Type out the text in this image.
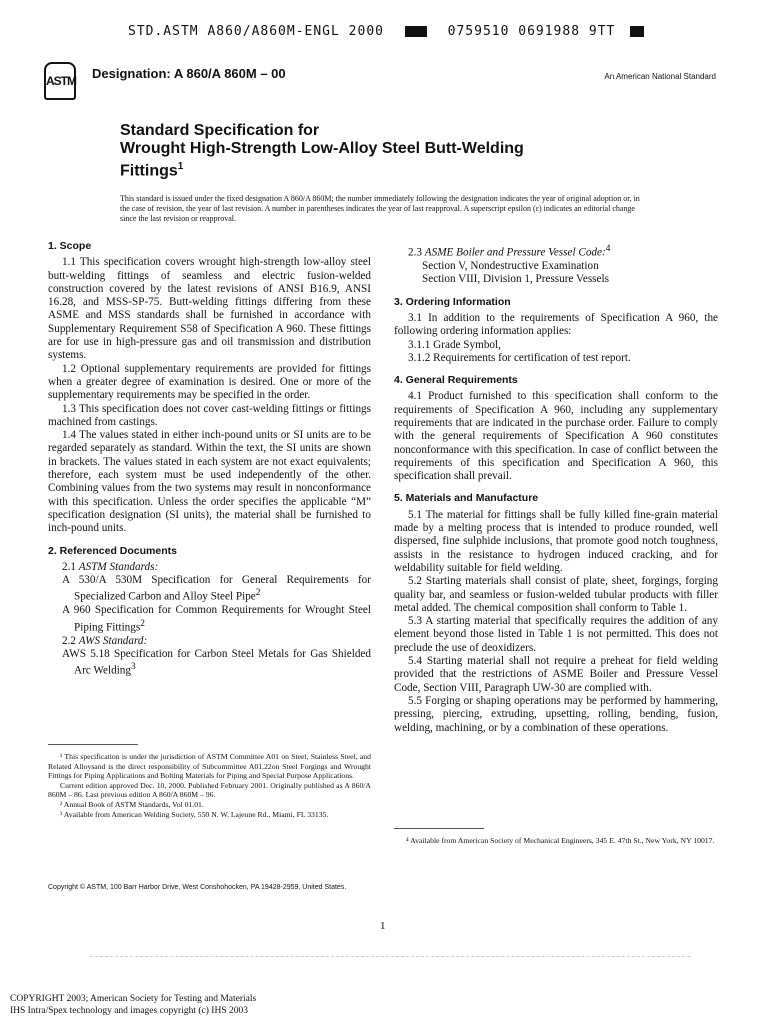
STD.ASTM A860/A860M-ENGL 2000	0759510 0691988 9TT
ASTM Designation: A 860/A 860M – 00	An American National Standard
Standard Specification for
Wrought High-Strength Low-Alloy Steel Butt-Welding
Fittings$^1$
This standard is issued under the fixed designation A 860/A 860M; the number immediately following the designation indicates the year of original adoption or, in the case of revision, the year of last revision. A number in parentheses indicates the year of last reapproval. A superscript epsilon (ε) indicates an editorial change since the last revision or reapproval.

1. Scope

1.1 This specification covers wrought high-strength low-alloy steel butt-welding fittings of seamless and electric fusion-welded construction covered by the latest revisions of ANSI B16.9, ANSI 16.28, and MSS-SP-75. Butt-welding fittings differing from these ASME and MSS standards shall be furnished in accordance with Supplementary Requirement S58 of Specification A 960. These fittings are for use in high-pressure gas and oil transmission and distribution systems.

1.2 Optional supplementary requirements are provided for fittings when a greater degree of examination is desired. One or more of the supplementary requirements may be specified in the order.

1.3 This specification does not cover cast-welding fittings or fittings machined from castings.

1.4 The values stated in either inch-pound units or SI units are to be regarded separately as standard. Within the text, the SI units are shown in brackets. The values stated in each system are not exact equivalents; therefore, each system must be used independently of the other. Combining values from the two systems may result in nonconformance with this specification. Unless the order specifies the applicable “M” specification designation (SI units), the material shall be furnished to inch-pound units.

2. Referenced Documents

2.1 ASTM Standards:

A 530/A 530M Specification for General Requirements for Specialized Carbon and Alloy Steel Pipe$^2$

A 960 Specification for Common Requirements for Wrought Steel Piping Fittings$^2$

2.2 AWS Standard:

AWS 5.18 Specification for Carbon Steel Metals for Gas Shielded Arc Welding$^3$

¹ This specification is under the jurisdiction of ASTM Committee A01 on Steel, Stainless Steel, and Related Alloysand is the direct responsibility of Subcommittee A01.22on Steel Forgings and Wrought Fittings for Piping Applications and Bolting Materials for Piping and Special Purpose Applications.

Current edition approved Dec. 10, 2000. Published February 2001. Originally published as A 860/A 860M – 86. Last previous edition A 860/A 860M – 96.

² Annual Book of ASTM Standards, Vol 01.01.

³ Available from American Welding Society, 550 N. W. Lajeune Rd., Miami, FL 33135.

2.3 ASME Boiler and Pressure Vessel Code:$^4$

Section V, Nondestructive Examination

Section VIII, Division 1, Pressure Vessels

3. Ordering Information

3.1 In addition to the requirements of Specification A 960, the following ordering information applies:

3.1.1 Grade Symbol,

3.1.2 Requirements for certification of test report.

4. General Requirements

4.1 Product furnished to this specification shall conform to the requirements of Specification A 960, including any supplementary requirements that are indicated in the purchase order. Failure to comply with the general requirements of Specification A 960 constitutes nonconformance with this specification. In case of conflict between the requirements of this specification and Specification A 960, this specification shall prevail.

5. Materials and Manufacture

5.1 The material for fittings shall be fully killed fine-grain material made by a melting process that is intended to produce rounded, well dispersed, fine sulphide inclusions, that promote good notch toughness, assists in the resistance to hydrogen induced cracking, and for weldability suitable for field welding.

5.2 Starting materials shall consist of plate, sheet, forgings, forging quality bar, and seamless or fusion-welded tubular products with filler metal added. The chemical composition shall conform to Table 1.

5.3 A starting material that specifically requires the addition of any element beyond those listed in Table 1 is not permitted. This does not preclude the use of deoxidizers.

5.4 Starting material shall not require a preheat for field welding provided that the restrictions of ASME Boiler and Pressure Vessel Code, Section VIII, Paragraph UW-30 are complied with.

5.5 Forging or shaping operations may be performed by hammering, pressing, piercing, extruding, upsetting, rolling, bending, fusion, welding, machining, or by a combination of these operations.

⁴ Available from American Society of Mechanical Engineers, 345 E. 47th St., New York, NY 10017.

Copyright © ASTM, 100 Barr Harbor Drive, West Conshohocken, PA 19428-2959, United States.
1
COPYRIGHT 2003; American Society for Testing and Materials
IHS Intra/Spex technology and images copyright (c) IHS 2003
